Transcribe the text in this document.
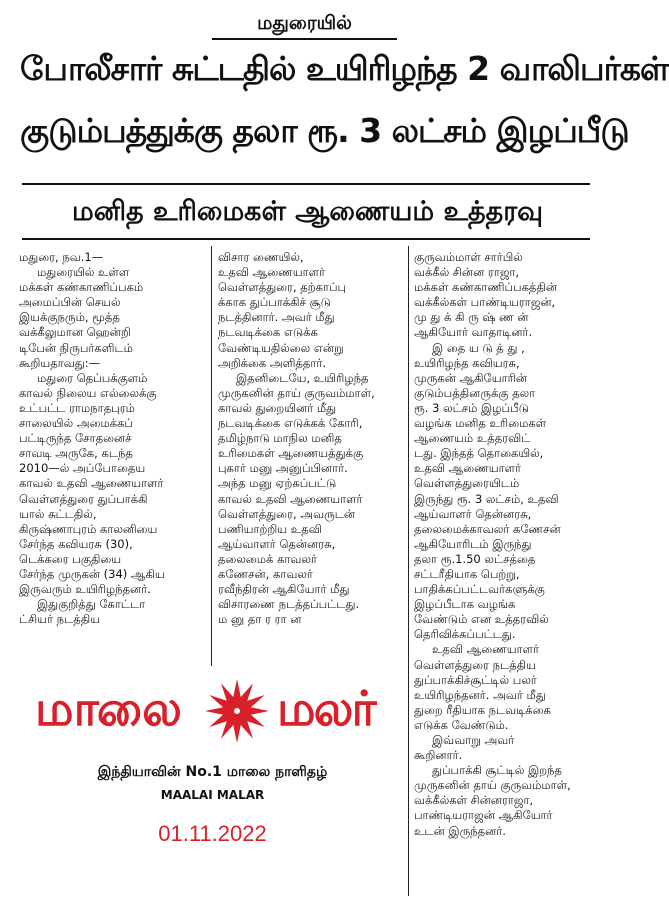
மதுரையில்
போலீசார் சுட்டதில் உயிரிழந்த 2 வாலிபர்கள்
குடும்பத்துக்கு தலா ரூ. 3 லட்சம் இழப்பீடு
மனித உரிமைகள் ஆணையம் உத்தரவு

மதுரை, நவ.1—

மதுரையில் உள்ள

மக்கள் கண்காணிப்பகம்

அமைப்பின் செயல்

இயக்குநரும், மூத்த

வக்கீலுமான ஹென்றி

டிபேன் நிருபர்களிடம்

கூறியதாவது:—

மதுரை தெப்பக்குளம்

காவல் நிலைய எல்லைக்கு

உட்பட்ட ராமநாதபுரம்

சாலையில் அமைக்கப்

பட்டிருந்த சோதனைச்

சாவடி அருகே, கடந்த

2010—ல் அப்போதைய

காவல் உதவி ஆணையாளர்

வெள்ளத்துரை துப்பாக்கி

யால் சுட்டதில்,

கிருஷ்ணாபுரம் காலனியை

சேர்ந்த கவியரசு (30),

டெக்கரை பகுதியை

சேர்ந்த முருகன் (34) ஆகிய

இருவரும் உயிரிழந்தனர்.

இதுகுறித்து கோட்டா

ட்சியர் நடத்திய

விசார ணையில்,

உதவி ஆணையாளர்

வெள்ளத்துரை, தற்காப்பு

க்காக துப்பாக்கிச் சூடு

நடத்தினார். அவர் மீது

நடவடிக்கை எடுக்க

வேண்டியதில்லை என்று

அறிக்கை அளித்தார்.

இதனிடையே, உயிரிழந்த

முருகனின் தாய் குருவம்மாள்,

காவல் துறையினர் மீது

நடவடிக்கை எடுக்கக் கோரி,

தமிழ்நாடு மாநில மனித

உரிமைகள் ஆணையத்துக்கு

புகார் மனு அனுப்பினார்.

அந்த மனு ஏற்கப்பட்டு

காவல் உதவி ஆணையாளர்

வெள்ளத்துரை, அவருடன்

பணியாற்றிய உதவி

ஆய்வாளர் தென்னரசு,

தலைமைக் காவலர்

கணேசன், காவலர்

ரவீந்திரன் ஆகியோர் மீது

விசாரணை நடத்தப்பட்டது.

ம னு தா ர ரா ன

குருவம்மாள் சார்பில்

வக்கீல் சின்ன ராஜா,

மக்கள் கண்காணிப்பகத்தின்

வக்கீல்கள் பாண்டியராஜன்,

மு து க் கி ரு ஷ் ண ன்

ஆகியோர் வாதாடினர்.

இ தை ய டு த் து ,

உயிரிழந்த கவியரசு,

முருகன் ஆகியோரின்

குடும்பத்தினருக்கு தலா

ரூ. 3 லட்சம் இழப்பீடு

வழங்க மனித உரிமைகள்

ஆணையம் உத்தரவிட்

டது. இந்தத் தொகையில்,

உதவி ஆணையாளர்

வெள்ளத்துரையிடம்

இருந்து ரூ. 3 லட்சம், உதவி

ஆய்வாளர் தென்னரசு,

தலைமைக்காவலர் கணேசன்

ஆகியோரிடம் இருந்து

தலா ரூ.1.50 லட்சத்தை

சட்டரீதியாக பெற்று,

பாதிக்கப்பட்டவர்களுக்கு

இழப்பீடாக வழங்க

வேண்டும் என உத்தரவில்

தெரிவிக்கப்பட்டது.

உதவி ஆணையாளர்

வெள்ளத்துரை நடத்திய

துப்பாக்கிச்சூட்டில் பலர்

உயிரிழந்தனர். அவர் மீது

துறை ரீதியாக நடவடிக்கை

எடுக்க வேண்டும்.

இவ்வாறு அவர்

கூறினார்.

துப்பாக்கி சூட்டில் இறந்த

முருகனின் தாய் குருவம்மாள்,

வக்கீல்கள் சின்னராஜா,

பாண்டியராஜன் ஆகியோர்

உடன் இருந்தனர்.

மாலை மலர்
இந்தியாவின் No.1 மாலை நாளிதழ்
MAALAI MALAR
01.11.2022
